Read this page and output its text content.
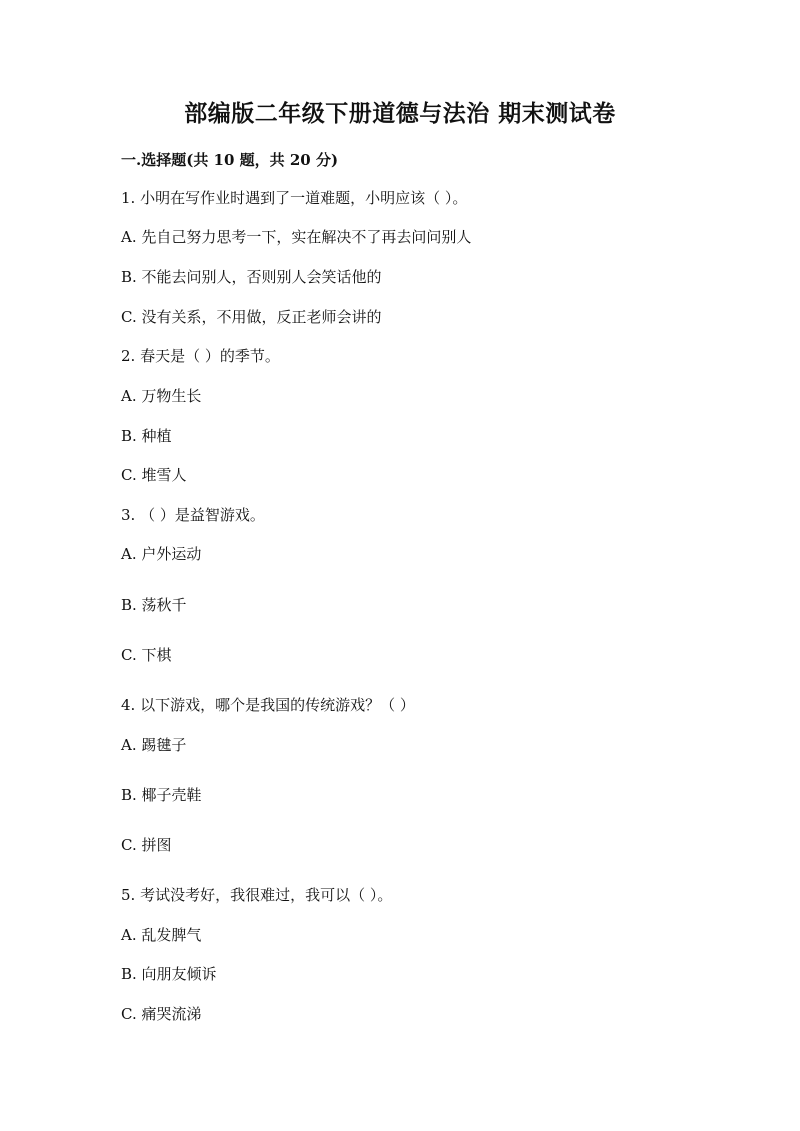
部编版二年级下册道德与法治 期末测试卷
一.选择题(共 10 题，共 20 分)
1. 小明在写作业时遇到了一道难题，小明应该（ ）。
A. 先自己努力思考一下，实在解决不了再去问问别人
B. 不能去问别人，否则别人会笑话他的
C. 没有关系，不用做，反正老师会讲的
2. 春天是（ ）的季节。
A. 万物生长
B. 种植
C. 堆雪人
3. （ ）是益智游戏。
A. 户外运动
B. 荡秋千
C. 下棋
4. 以下游戏，哪个是我国的传统游戏？（ ）
A. 踢毽子
B. 椰子壳鞋
C. 拼图
5. 考试没考好，我很难过，我可以（ ）。
A. 乱发脾气
B. 向朋友倾诉
C. 痛哭流涕
